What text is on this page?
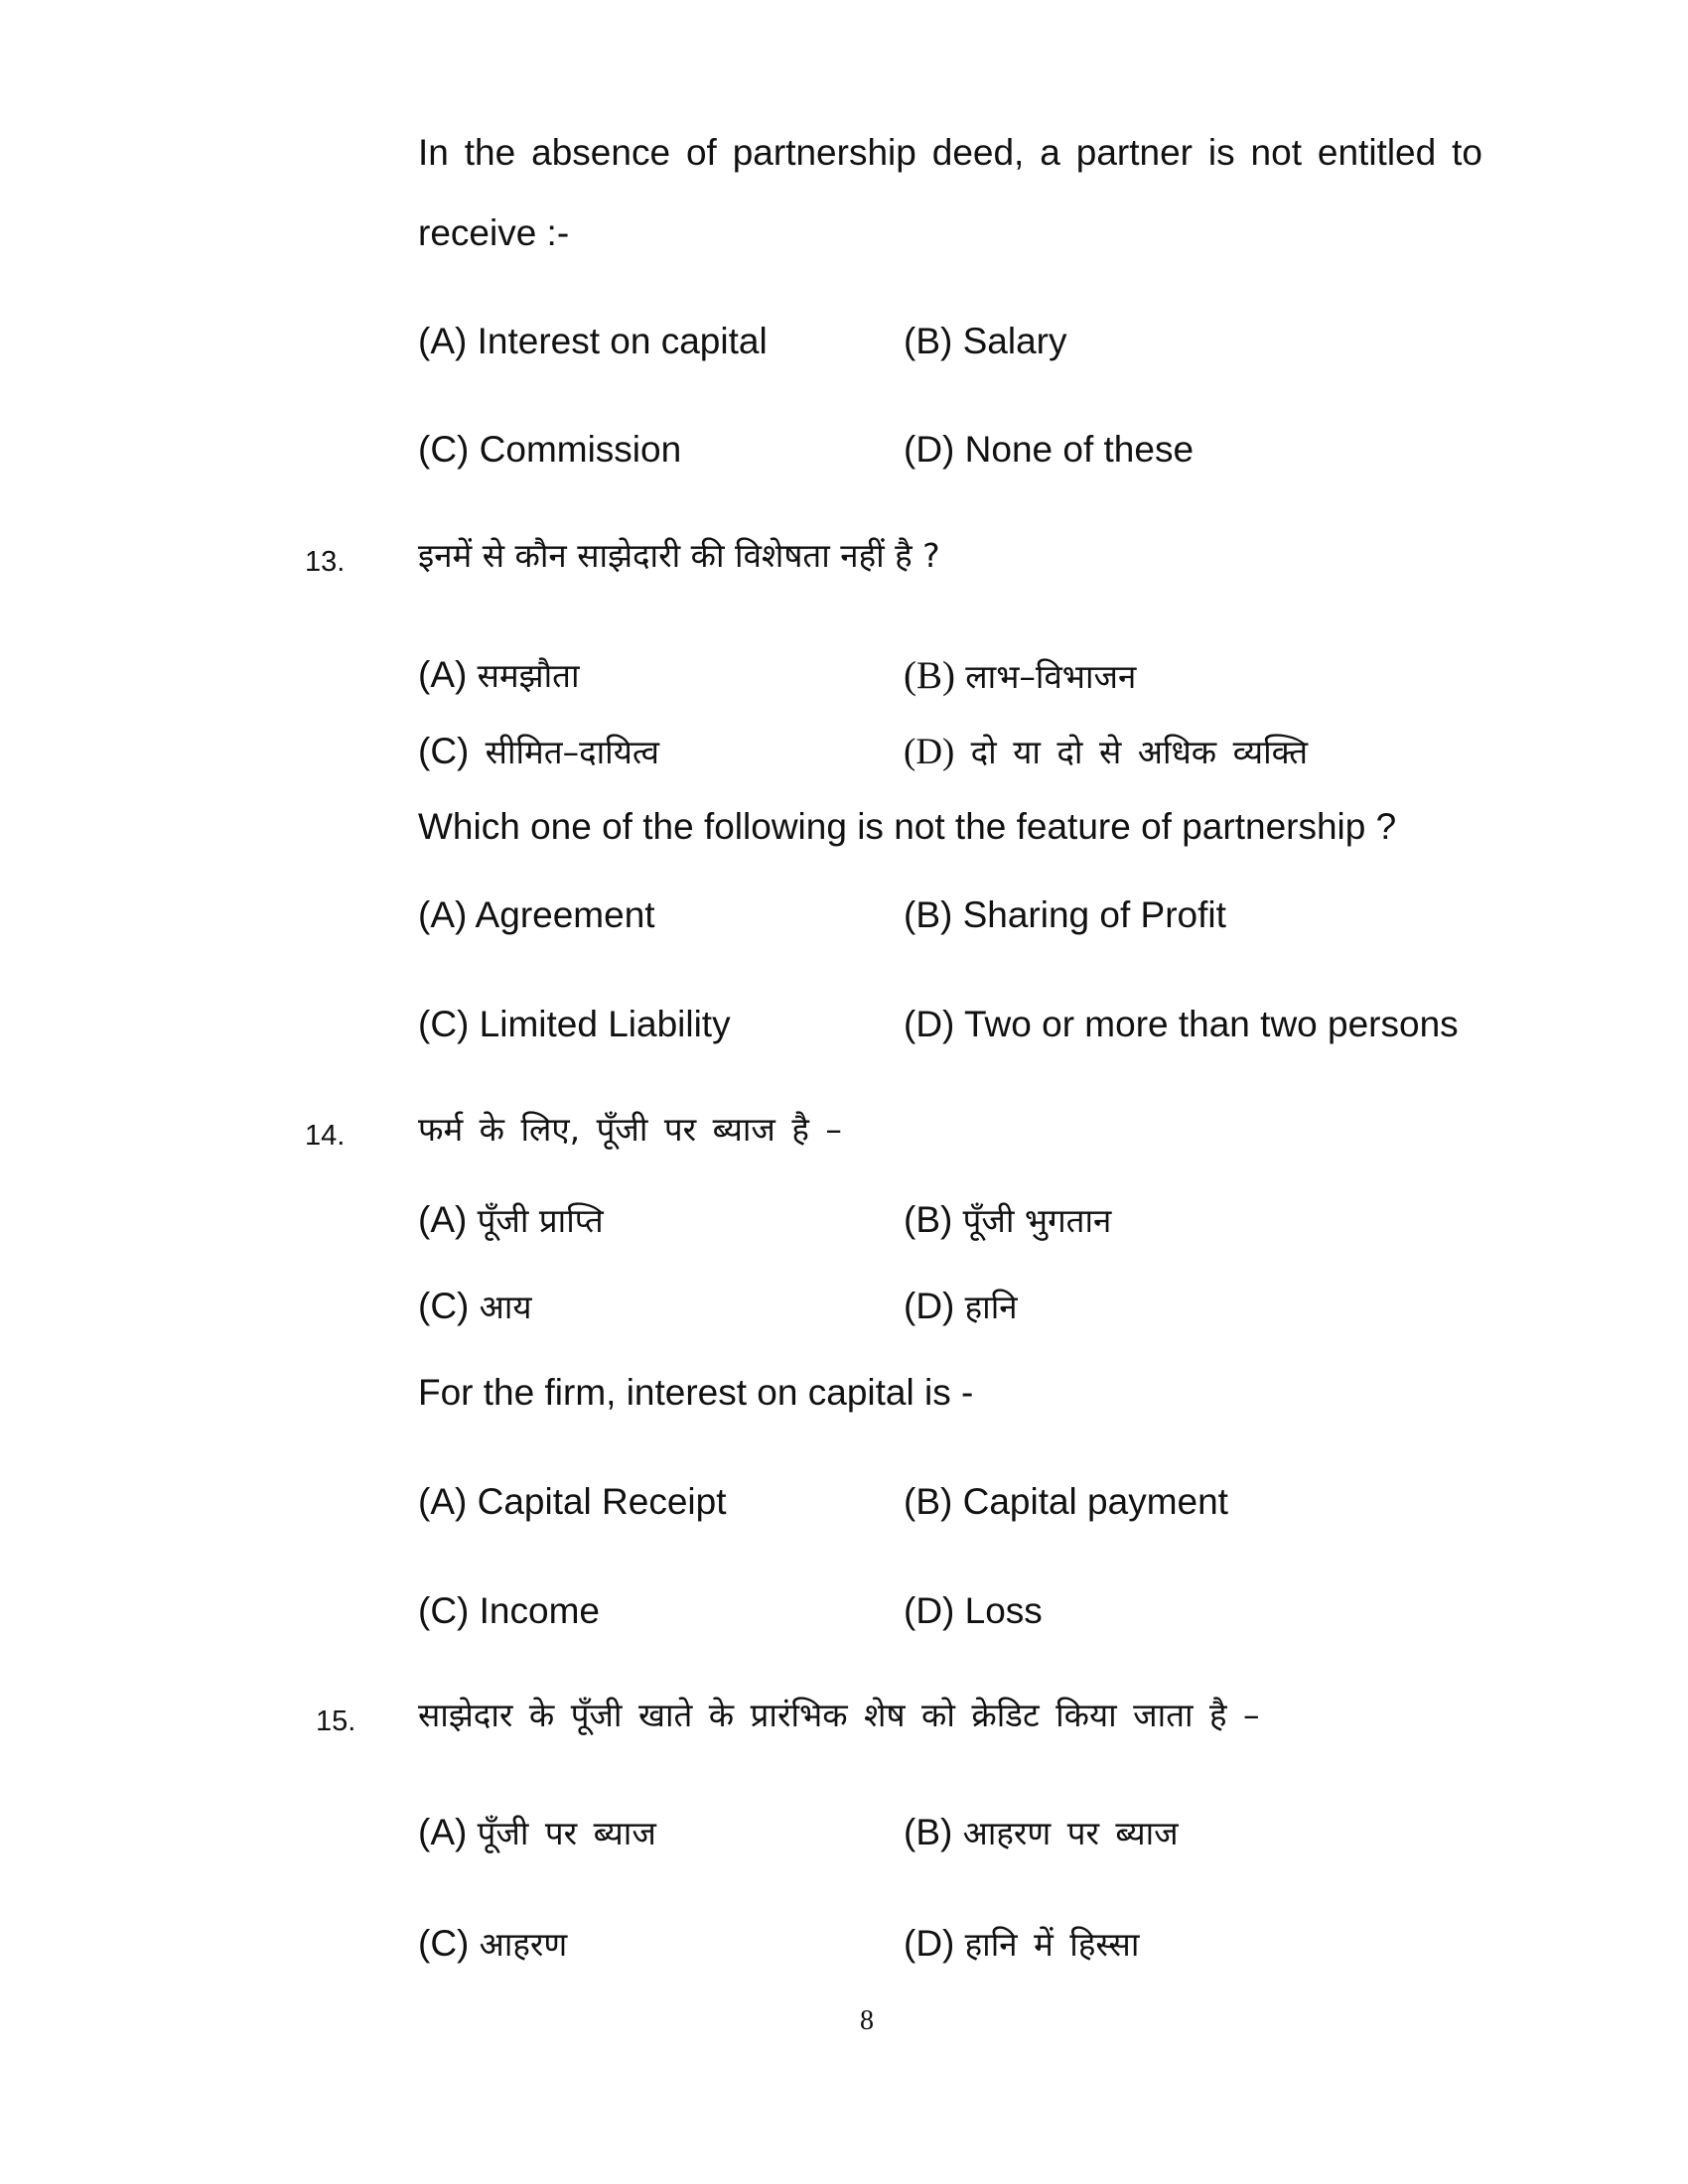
In the absence of partnership deed, a partner is not entitled to
receive :-
(A) Interest on capital	(B) Salary
(C) Commission	(D) None of these
13. इनमें से कौन साझेदारी की विशेषता नहीं है ?
(A) समझौता	(B) लाभ–विभाजन
(C) सीमित–दायित्व	(D) दो या दो से अधिक व्यक्ति
Which one of the following is not the feature of partnership ?
(A) Agreement	(B) Sharing of Profit
(C) Limited Liability	(D) Two or more than two persons
14. फर्म के लिए, पूँजी पर ब्याज है –
(A) पूँजी प्राप्ति	(B) पूँजी भुगतान
(C) आय	(D) हानि
For the firm, interest on capital is -
(A) Capital Receipt	(B) Capital payment
(C) Income	(D) Loss
15. साझेदार के पूँजी खाते के प्रारंभिक शेष को क्रेडिट किया जाता है –
(A) पूँजी पर ब्याज	(B) आहरण पर ब्याज
(C) आहरण	(D) हानि में हिस्सा
8
